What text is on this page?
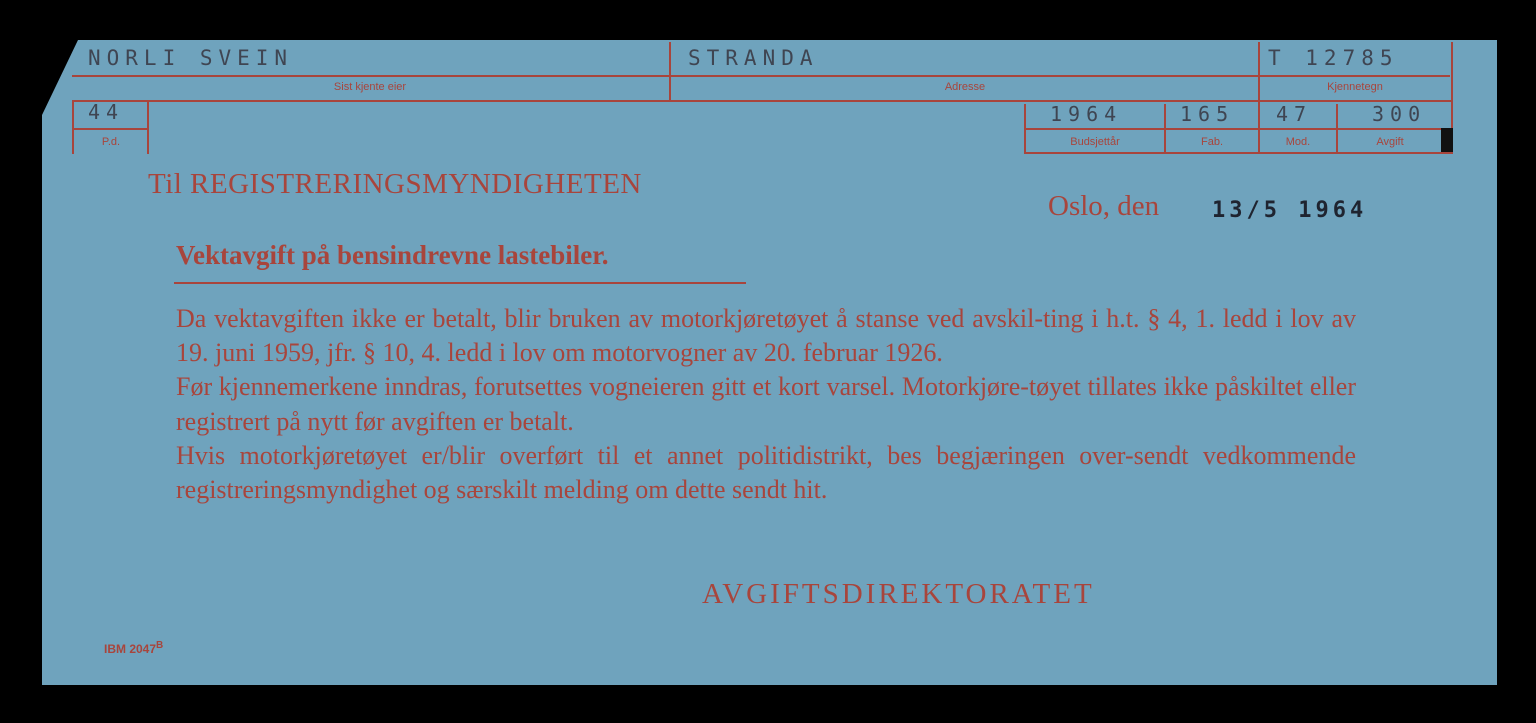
NORLI SVEIN
Sist kjente eier
STRANDA
Adresse
T 12785
Kjennetegn
44
P.d.
1964
Budsjettår
165
Fab.
47
Mod.
300
Avgift
Til REGISTRERINGSMYNDIGHETEN
Oslo, den 13/5 1964
Vektavgift på bensindrevne lastebiler.

Da vektavgiften ikke er betalt, blir bruken av motorkjøretøyet å stanse ved avskil-ting i h.t. § 4, 1. ledd i lov av 19. juni 1959, jfr. § 10, 4. ledd i lov om motorvogner av 20. februar 1926.

Før kjennemerkene inndras, forutsettes vogneieren gitt et kort varsel. Motorkjøre-tøyet tillates ikke påskiltet eller registrert på nytt før avgiften er betalt.

Hvis motorkjøretøyet er/blir overført til et annet politidistrikt, bes begjæringen over-sendt vedkommende registreringsmyndighet og særskilt melding om dette sendt hit.

AVGIFTSDIREKTORATET
IBM $2047^B$
